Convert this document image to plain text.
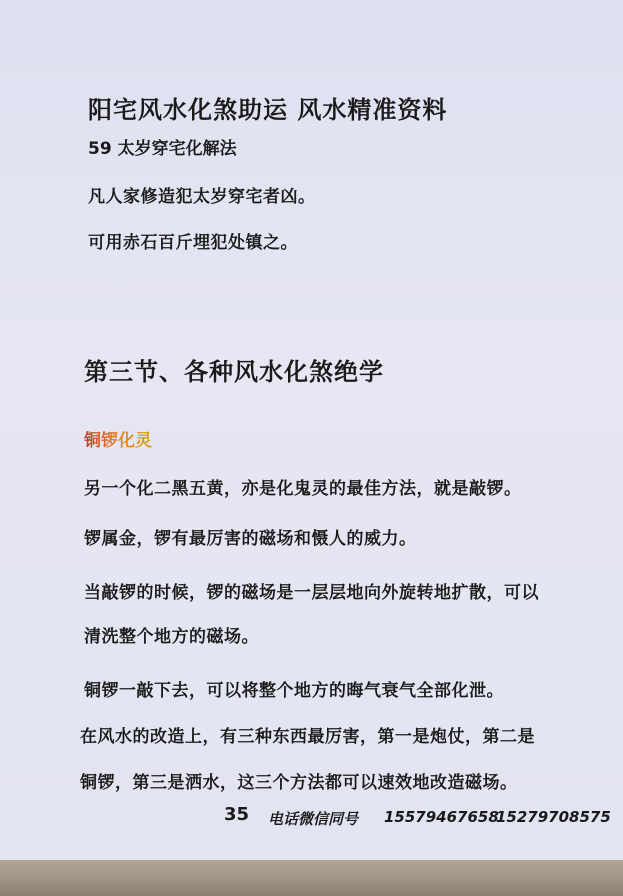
阳宅风水化煞助运 风水精准资料

59 太岁穿宅化解法

凡人家修造犯太岁穿宅者凶。

可用赤石百斤埋犯处镇之。

第三节、各种风水化煞绝学

铜锣化灵

另一个化二黑五黄，亦是化鬼灵的最佳方法，就是敲锣。

锣属金，锣有最厉害的磁场和慑人的威力。

当敲锣的时候，锣的磁场是一层层地向外旋转地扩散，可以

清洗整个地方的磁场。

铜锣一敲下去，可以将整个地方的晦气衰气全部化泄。

在风水的改造上，有三种东西最厉害，第一是炮仗，第二是

铜锣，第三是洒水，这三个方法都可以速效地改造磁场。

35 电话微信同号 15579467658

15279708575
